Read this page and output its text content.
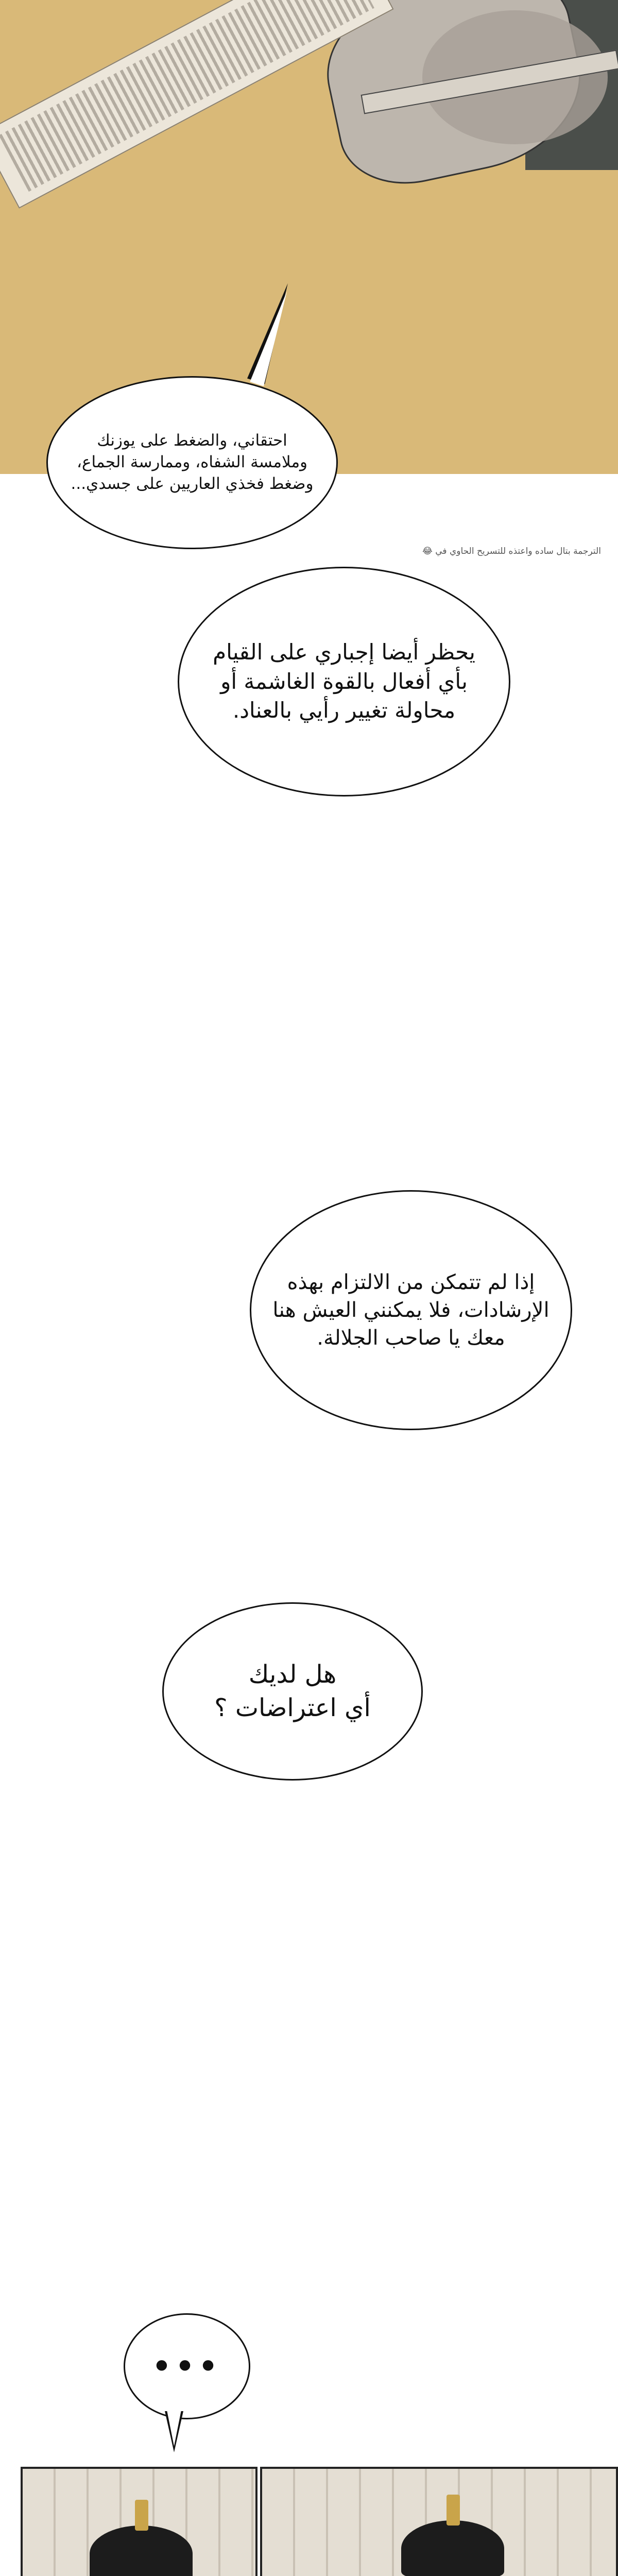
احتقاني، والضغط على يوزنك وملامسة الشفاه، وممارسة الجماع،
وضغط فخذي العاريين على جسدي...
الترجمة بتال ساده واعتذه للتسريح الحاوي في 😂
يحظر أيضا إجباري على القيام بأي أفعال بالقوة الغاشمة أو محاولة تغيير رأيي بالعناد.
إذا لم تتمكن من الالتزام بهذه الإرشادات، فلا يمكنني العيش هنا معك يا صاحب الجلالة.
هل لديك
أي اعتراضات ؟
•••
